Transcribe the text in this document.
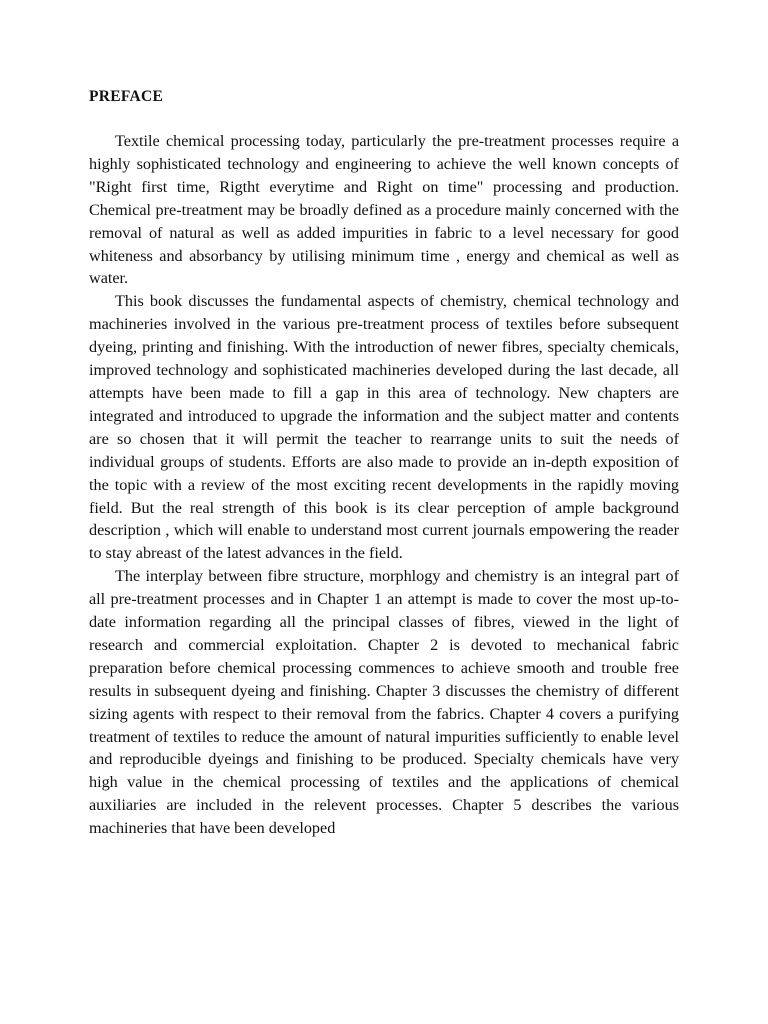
PREFACE

Textile chemical processing today, particularly the pre-treatment processes require a highly sophisticated technology and engineering to achieve the well known concepts of "Right first time, Rigtht everytime and Right on time" processing and production. Chemical pre-treatment may be broadly defined as a procedure mainly concerned with the removal of natural as well as added impurities in fabric to a level necessary for good whiteness and absorbancy by utilising minimum time , energy and chemical as well as water.

This book discusses the fundamental aspects of chemistry, chemical technology and machineries involved in the various pre-treatment process of textiles before subsequent dyeing, printing and finishing. With the introduction of newer fibres, specialty chemicals, improved technology and sophisticated machineries developed during the last decade, all attempts have been made to fill a gap in this area of technology. New chapters are integrated and introduced to upgrade the information and the subject matter and contents are so chosen that it will permit the teacher to rearrange units to suit the needs of individual groups of students. Efforts are also made to provide an in-depth exposition of the topic with a review of the most exciting recent developments in the rapidly moving field. But the real strength of this book is its clear perception of ample background description , which will enable to understand most current journals empowering the reader to stay abreast of the latest advances in the field.

The interplay between fibre structure, morphlogy and chemistry is an integral part of all pre-treatment processes and in Chapter 1 an attempt is made to cover the most up-to-date information regarding all the principal classes of fibres, viewed in the light of research and commercial exploitation. Chapter 2 is devoted to mechanical fabric preparation before chemical processing commences to achieve smooth and trouble free results in subsequent dyeing and finishing. Chapter 3 discusses the chemistry of different sizing agents with respect to their removal from the fabrics. Chapter 4 covers a purifying treatment of textiles to reduce the amount of natural impurities sufficiently to enable level and reproducible dyeings and finishing to be produced. Specialty chemicals have very high value in the chemical processing of textiles and the applications of chemical auxiliaries are included in the relevent processes. Chapter 5 describes the various machineries that have been developed
